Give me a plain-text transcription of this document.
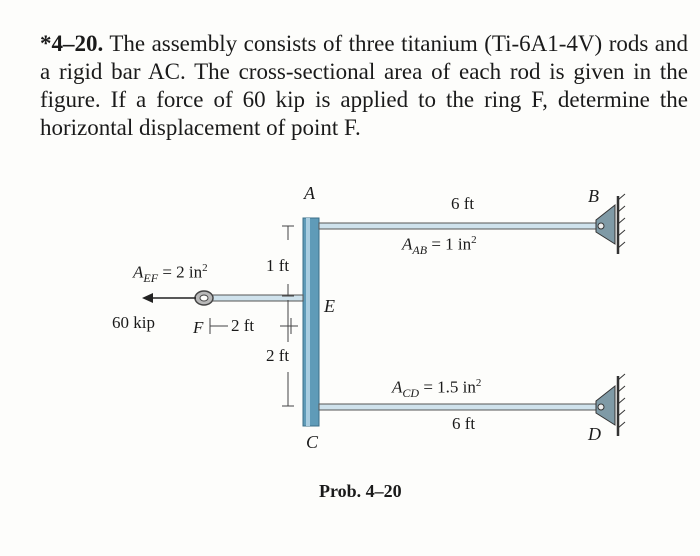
*4–20. The assembly consists of three titanium (Ti-6A1-4V) rods and a rigid bar AC. The cross-sectional area of each rod is given in the figure. If a force of 60 kip is applied to the ring F, determine the horizontal displacement of point F.
A	B
C	D
E
F
6 ft
6 ft
1 ft
2 ft
2 ft
$A_{AB} = 1$ $in^2$
$A_{CD} = 1.5$ $in^2$
$A_{EF} = 2$ $in^2$
60 kip
Prob. 4–20
